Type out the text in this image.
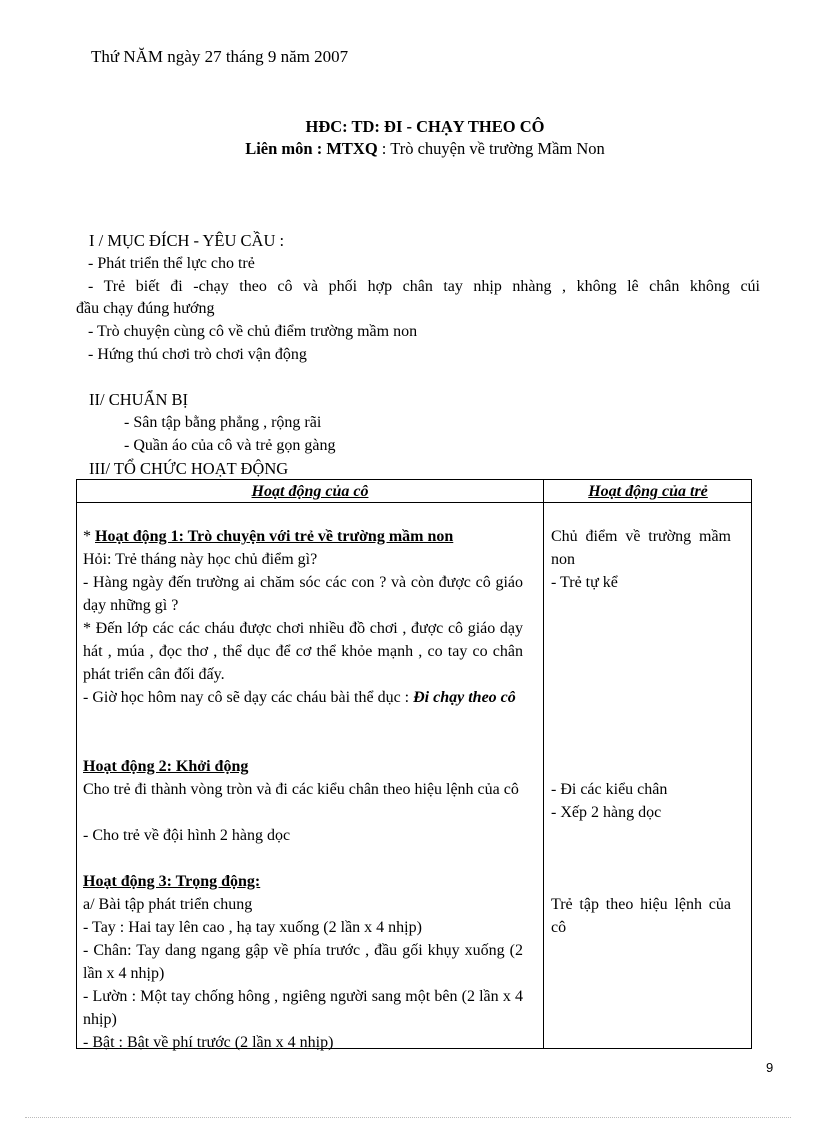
Thứ NĂM ngày 27 tháng 9 năm 2007
HĐC: TD: ĐI - CHẠY THEO CÔ
Liên môn : MTXQ : Trò chuyện về trường Mầm Non
I / MỤC ĐÍCH - YÊU CẦU :
- Phát triển thể lực cho trẻ
- Trẻ biết đi -chạy theo cô và phối hợp chân tay nhịp nhàng , không lê chân không cúi
đầu chạy đúng hướng
- Trò chuyện cùng cô về chủ điểm trường mầm non
- Hứng thú chơi trò chơi vận động
II/ CHUẨN BỊ
- Sân tập bằng phẳng , rộng rãi
- Quần áo của cô và trẻ gọn gàng
III/ TỔ CHỨC HOẠT ĐỘNG
Hoạt động của cô	Hoạt động của trẻ
* Hoạt động 1: Trò chuyện với trẻ về trường mầm non
Hỏi: Trẻ tháng này học chủ điểm gì?
- Hàng ngày đến trường ai chăm sóc các con ? và còn được cô giáo dạy những gì ?
* Đến lớp các các cháu được chơi nhiều đồ chơi , được cô giáo dạy hát , múa , đọc thơ , thể dục để cơ thể khỏe mạnh , co tay co chân phát triển cân đối đấy.
- Giờ học hôm nay cô sẽ dạy các cháu bài thể dục : Đi chạy theo cô
Hoạt động 2: Khởi động
Cho trẻ đi thành vòng tròn và đi các kiểu chân theo hiệu lệnh của cô
- Cho trẻ về đội hình 2 hàng dọc
Hoạt động 3: Trọng động:
a/ Bài tập phát triển chung
- Tay : Hai tay lên cao , hạ tay xuống (2 lần x 4 nhịp)
- Chân: Tay dang ngang gập về phía trước , đầu gối khụy xuống (2 lần x 4 nhịp)
- Lườn : Một tay chống hông , ngiêng người sang một bên (2 lần x 4 nhịp)
- Bật : Bật về phí trước (2 lần x 4 nhịp)
Chủ điểm về trường mầm non
- Trẻ tự kể
- Đi các kiểu chân
- Xếp 2 hàng dọc
Trẻ tập theo hiệu lệnh của cô
9
